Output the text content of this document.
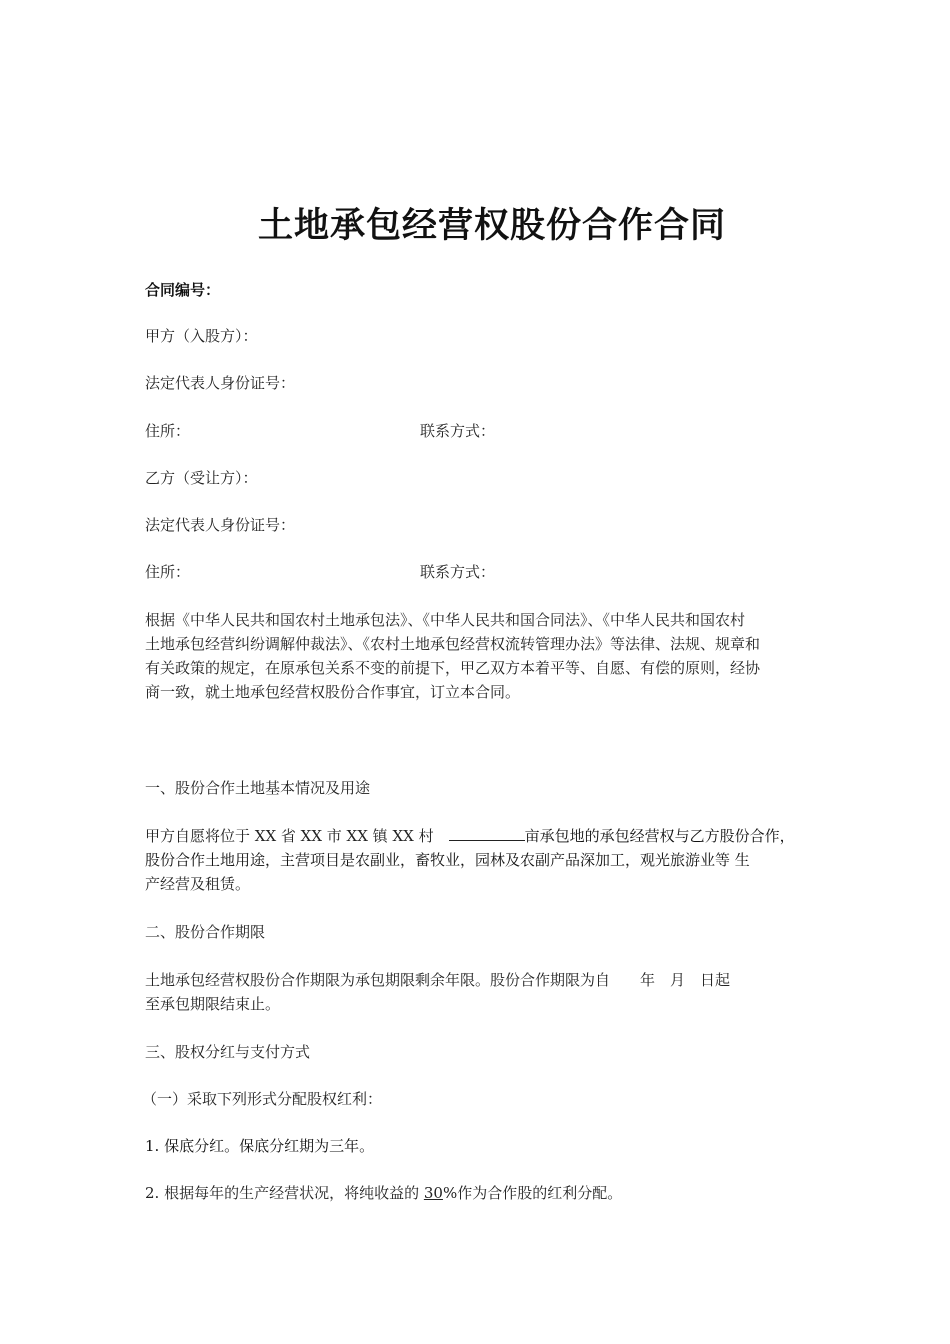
土地承包经营权股份合作合同
合同编号：
甲方（入股方）：
法定代表人身份证号：
住所：	联系方式：
乙方（受让方）：
法定代表人身份证号：
住所：	联系方式：
根据《中华人民共和国农村土地承包法》、《中华人民共和国合同法》、《中华人民共和国农村
土地承包经营纠纷调解仲裁法》、《农村土地承包经营权流转管理办法》等法律、法规、规章和
有关政策的规定，在原承包关系不变的前提下，甲乙双方本着平等、自愿、有偿的原则，经协
商一致，就土地承包经营权股份合作事宜，订立本合同。
一、股份合作土地基本情况及用途
甲方自愿将位于 XX 省 XX 市 XX 镇 XX 村　	亩承包地的承包经营权与乙方股份合作，
股份合作土地用途，主营项目是农副业，畜牧业，园林及农副产品深加工，观光旅游业等 生
产经营及租赁。
二、股份合作期限
土地承包经营权股份合作期限为承包期限剩余年限。股份合作期限为自　　年　月　日起
至承包期限结束止。
三、股权分红与支付方式
（一）采取下列形式分配股权红利：
1. 保底分红。保底分红期为三年。
2. 根据每年的生产经营状况，将纯收益的 30%作为合作股的红利分配。
